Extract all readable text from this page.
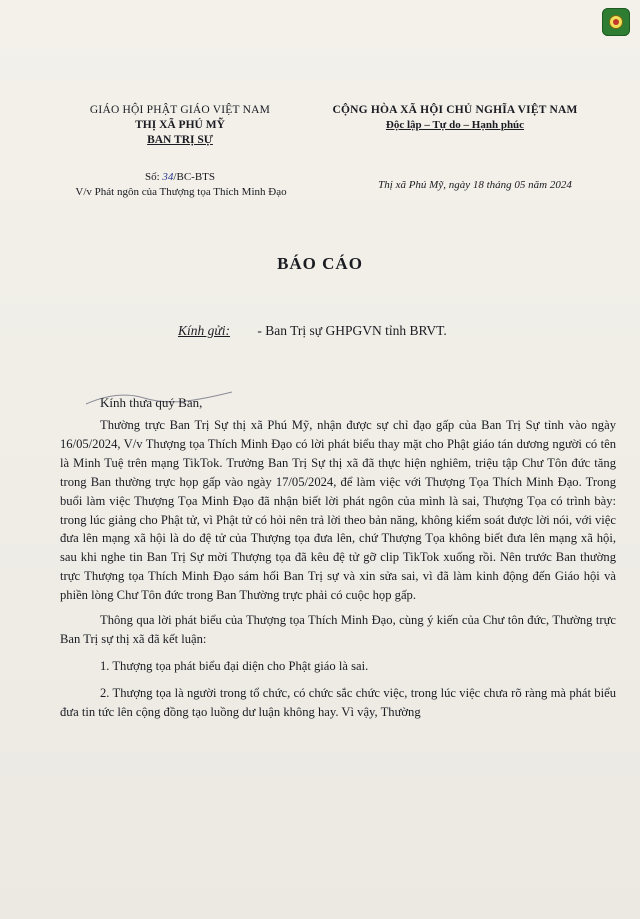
GIÁO HỘI PHẬT GIÁO VIỆT NAM
THỊ XÃ PHÚ MỸ
BAN TRỊ SỰ
Số: 34/BC-BTS
V/v Phát ngôn của Thượng tọa Thích Minh Đạo
CỘNG HÒA XÃ HỘI CHỦ NGHĨA VIỆT NAM
Độc lập – Tự do – Hạnh phúc
Thị xã Phú Mỹ, ngày 18 tháng 05 năm 2024
BÁO CÁO
Kính gửi: - Ban Trị sự GHPGVN tỉnh BRVT.
Kính thưa quý Ban,

Thường trực Ban Trị Sự thị xã Phú Mỹ, nhận được sự chỉ đạo gấp của Ban Trị Sự tỉnh vào ngày 16/05/2024, V/v Thượng tọa Thích Minh Đạo có lời phát biểu thay mặt cho Phật giáo tán dương người có tên là Minh Tuệ trên mạng TikTok. Trưởng Ban Trị Sự thị xã đã thực hiện nghiêm, triệu tập Chư Tôn đức tăng trong Ban thường trực họp gấp vào ngày 17/05/2024, để làm việc với Thượng Tọa Thích Minh Đạo. Trong buổi làm việc Thượng Tọa Minh Đạo đã nhận biết lời phát ngôn của mình là sai, Thượng Tọa có trình bày: trong lúc giảng cho Phật tử, vì Phật tử có hỏi nên trả lời theo bản năng, không kiểm soát được lời nói, với việc đưa lên mạng xã hội là do đệ tử của Thượng tọa đưa lên, chứ Thượng Tọa không biết đưa lên mạng xã hội, sau khi nghe tin Ban Trị Sự mời Thượng tọa đã kêu đệ tử gỡ clip TikTok xuống rồi. Nên trước Ban thường trực Thượng tọa Thích Minh Đạo sám hối Ban Trị sự và xin sửa sai, vì đã làm kinh động đến Giáo hội và phiền lòng Chư Tôn đức trong Ban Thường trực phải có cuộc họp gấp.

Thông qua lời phát biểu của Thượng tọa Thích Minh Đạo, cùng ý kiến của Chư tôn đức, Thường trực Ban Trị sự thị xã đã kết luận:

1. Thượng tọa phát biểu đại diện cho Phật giáo là sai.

2. Thượng tọa là người trong tổ chức, có chức sắc chức việc, trong lúc việc chưa rõ ràng mà phát biểu đưa tin tức lên cộng đồng tạo luồng dư luận không hay. Vì vậy, Thường
